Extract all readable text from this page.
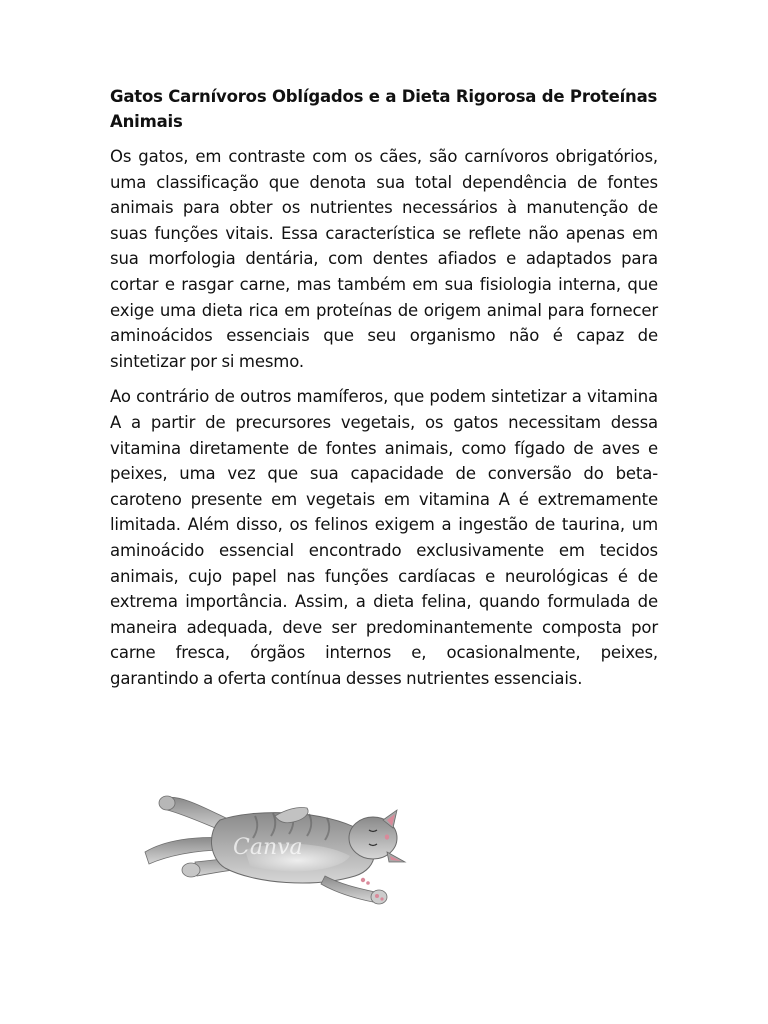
Gatos Carnívoros Oblígados e a Dieta Rigorosa de Proteínas Animais

Os gatos, em contraste com os cães, são carnívoros obrigatórios, uma classificação que denota sua total dependência de fontes animais para obter os nutrientes necessários à manutenção de suas funções vitais. Essa característica se reflete não apenas em sua morfologia dentária, com dentes afiados e adaptados para cortar e rasgar carne, mas também em sua fisiologia interna, que exige uma dieta rica em proteínas de origem animal para fornecer aminoácidos essenciais que seu organismo não é capaz de sintetizar por si mesmo.

Ao contrário de outros mamíferos, que podem sintetizar a vitamina A a partir de precursores vegetais, os gatos necessitam dessa vitamina diretamente de fontes animais, como fígado de aves e peixes, uma vez que sua capacidade de conversão do beta-caroteno presente em vegetais em vitamina A é extremamente limitada. Além disso, os felinos exigem a ingestão de taurina, um aminoácido essencial encontrado exclusivamente em tecidos animais, cujo papel nas funções cardíacas e neurológicas é de extrema importância. Assim, a dieta felina, quando formulada de maneira adequada, deve ser predominantemente composta por carne fresca, órgãos internos e, ocasionalmente, peixes, garantindo a oferta contínua desses nutrientes essenciais.

Canva
